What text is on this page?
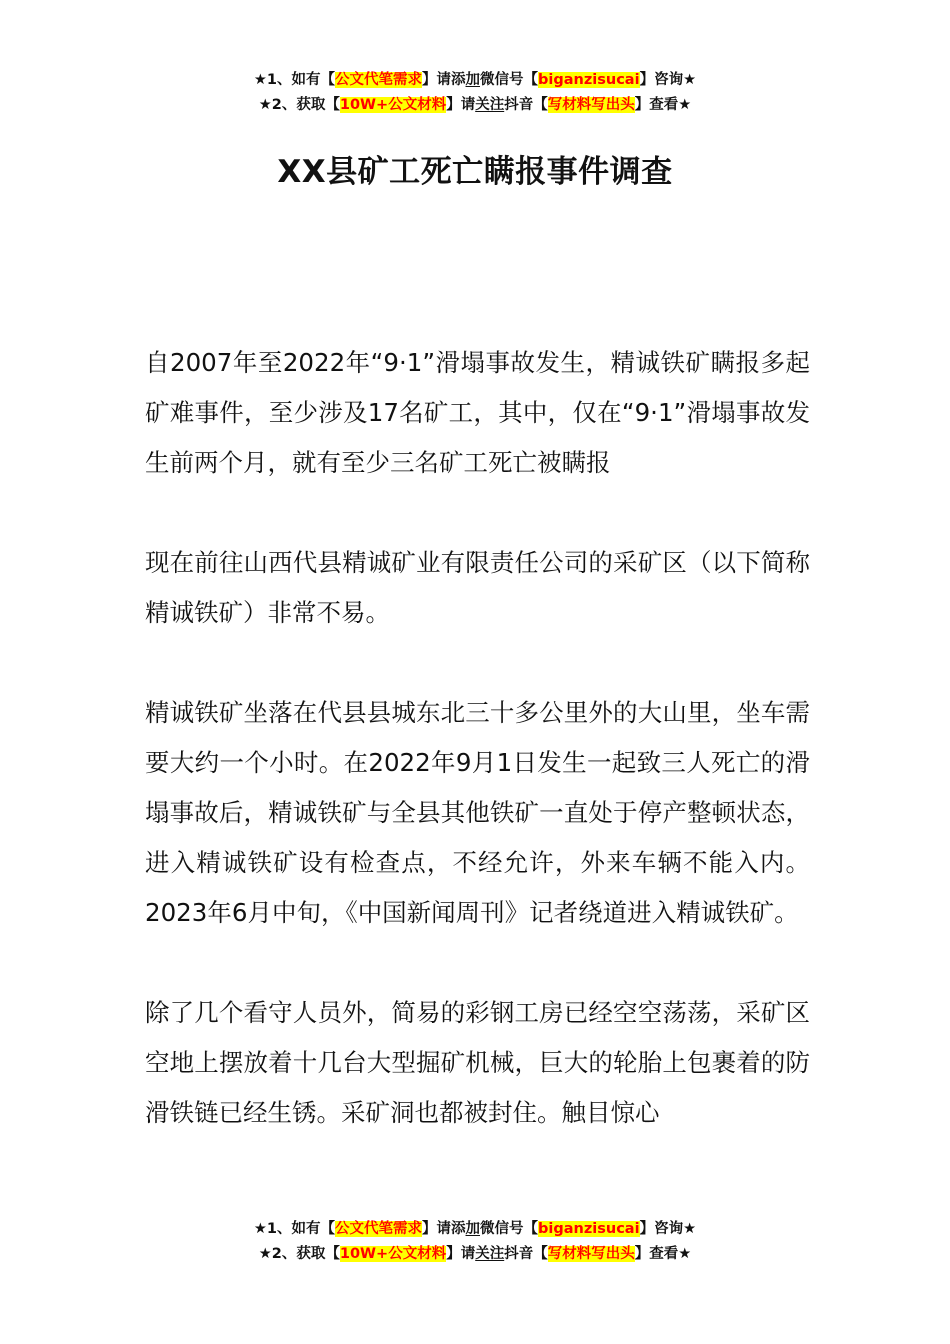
★1、如有【公文代笔需求】请添加微信号【biganzisucai】咨询★
★2、获取【10W+公文材料】请关注抖音【写材料写出头】查看★
XX县矿工死亡瞒报事件调查

自2007年至2022年“9·1”滑塌事故发生，精诚铁矿瞒报多起矿难事件，至少涉及17名矿工，其中，仅在“9·1”滑塌事故发生前两个月，就有至少三名矿工死亡被瞒报

现在前往山西代县精诚矿业有限责任公司的采矿区（以下简称精诚铁矿）非常不易。

精诚铁矿坐落在代县县城东北三十多公里外的大山里，坐车需要大约一个小时。在2022年9月1日发生一起致三人死亡的滑塌事故后，精诚铁矿与全县其他铁矿一直处于停产整顿状态，进入精诚铁矿设有检查点，不经允许，外来车辆不能入内。2023年6月中旬，《中国新闻周刊》记者绕道进入精诚铁矿。

除了几个看守人员外，简易的彩钢工房已经空空荡荡，采矿区空地上摆放着十几台大型掘矿机械，巨大的轮胎上包裹着的防滑铁链已经生锈。采矿洞也都被封住。触目惊心

★1、如有【公文代笔需求】请添加微信号【biganzisucai】咨询★
★2、获取【10W+公文材料】请关注抖音【写材料写出头】查看★
